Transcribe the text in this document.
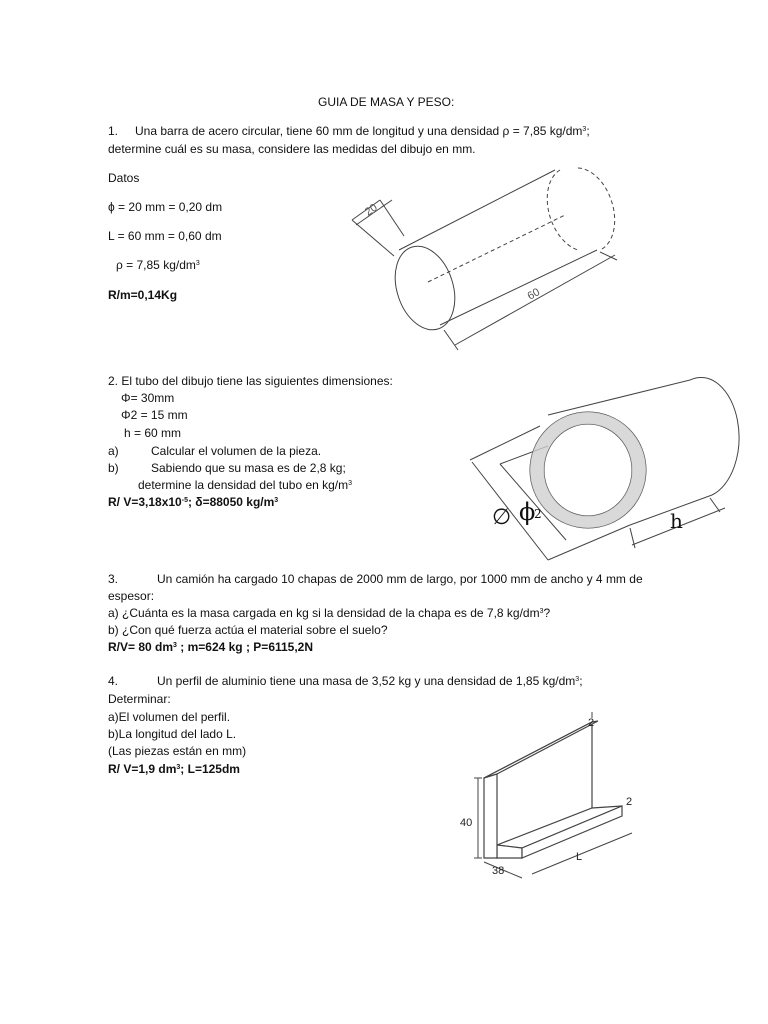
GUIA DE MASA Y PESO:
1. Una barra de acero circular, tiene 60 mm de longitud y una densidad ρ = 7,85 $kg/dm^3$;
determine cuál es su masa, considere las medidas del dibujo en mm.
Datos
ϕ = 20 mm = 0,20 dm
L = 60 mm = 0,60 dm
ρ = 7,85 $kg/dm^3$
R/m=0,14Kg
20
60
2. El tubo del dibujo tiene las siguientes dimensiones:
Φ= 30mm
Φ2 = 15 mm
h = 60 mm
a)	Calcular el volumen de la pieza.
b)	Sabiendo que su masa es de 2,8 kg;
determine la densidad del tubo en $kg/m^3$
R/ $V=3,18x10^{-5}$; δ=88050 $kg/m^3$
∅ ϕ
2	h
3.	Un camión ha cargado 10 chapas de 2000 mm de largo, por 1000 mm de ancho y 4 mm de
espesor:
a) ¿Cuánta es la masa cargada en kg si la densidad de la chapa es de 7,8 $kg/dm^3$?
b) ¿Con qué fuerza actúa el material sobre el suelo?
R/V= 80 $dm^3$ ; m=624 kg ; P=6115,2N
4.	Un perfil de aluminio tiene una masa de 3,52 kg y una densidad de 1,85 $kg/dm^3$;
Determinar:
a)El volumen del perfil.
b)La longitud del lado L.
(Las piezas están en mm)
R/ V=1,9 $dm^3$; L=125dm
2
2
40
38
L
